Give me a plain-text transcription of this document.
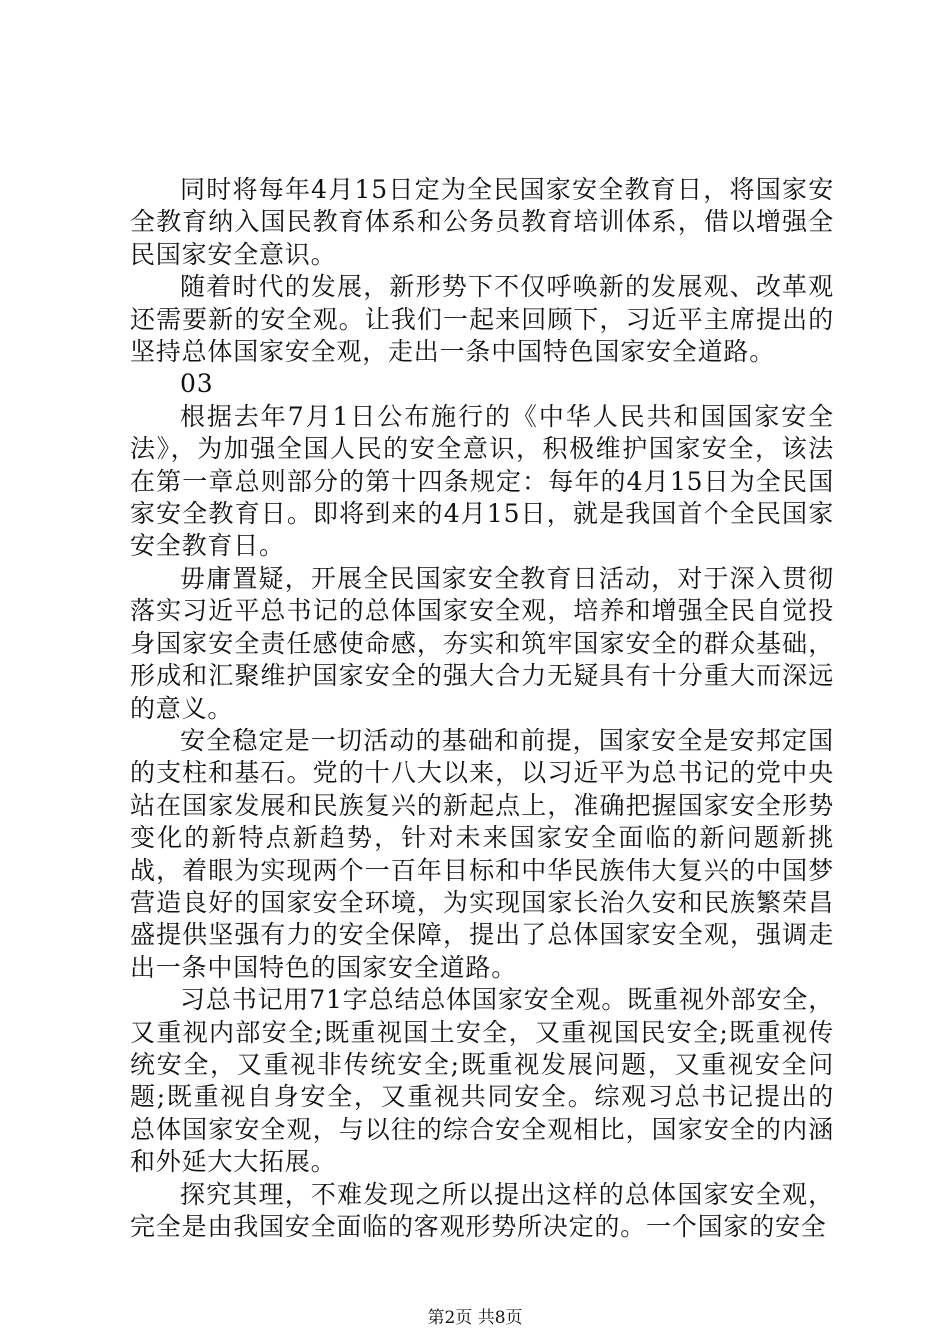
同时将每年4月15日定为全民国家安全教育日，将国家安全教育纳入国民教育体系和公务员教育培训体系，借以增强全民国家安全意识。

随着时代的发展，新形势下不仅呼唤新的发展观、改革观还需要新的安全观。让我们一起来回顾下，习近平主席提出的坚持总体国家安全观，走出一条中国特色国家安全道路。

03

根据去年7月1日公布施行的《中华人民共和国国家安全法》，为加强全国人民的安全意识，积极维护国家安全，该法在第一章总则部分的第十四条规定：每年的4月15日为全民国家安全教育日。即将到来的4月15日，就是我国首个全民国家安全教育日。

毋庸置疑，开展全民国家安全教育日活动，对于深入贯彻落实习近平总书记的总体国家安全观，培养和增强全民自觉投身国家安全责任感使命感，夯实和筑牢国家安全的群众基础，形成和汇聚维护国家安全的强大合力无疑具有十分重大而深远的意义。

安全稳定是一切活动的基础和前提，国家安全是安邦定国的支柱和基石。党的十八大以来，以习近平为总书记的党中央站在国家发展和民族复兴的新起点上，准确把握国家安全形势变化的新特点新趋势，针对未来国家安全面临的新问题新挑战，着眼为实现两个一百年目标和中华民族伟大复兴的中国梦营造良好的国家安全环境，为实现国家长治久安和民族繁荣昌盛提供坚强有力的安全保障，提出了总体国家安全观，强调走出一条中国特色的国家安全道路。

习总书记用71字总结总体国家安全观。既重视外部安全，又重视内部安全;既重视国土安全，又重视国民安全;既重视传统安全，又重视非传统安全;既重视发展问题，又重视安全问题;既重视自身安全，又重视共同安全。综观习总书记提出的总体国家安全观，与以往的综合安全观相比，国家安全的内涵和外延大大拓展。

探究其理，不难发现之所以提出这样的总体国家安全观，完全是由我国安全面临的客观形势所决定的。一个国家的安全

第2页 共8页
